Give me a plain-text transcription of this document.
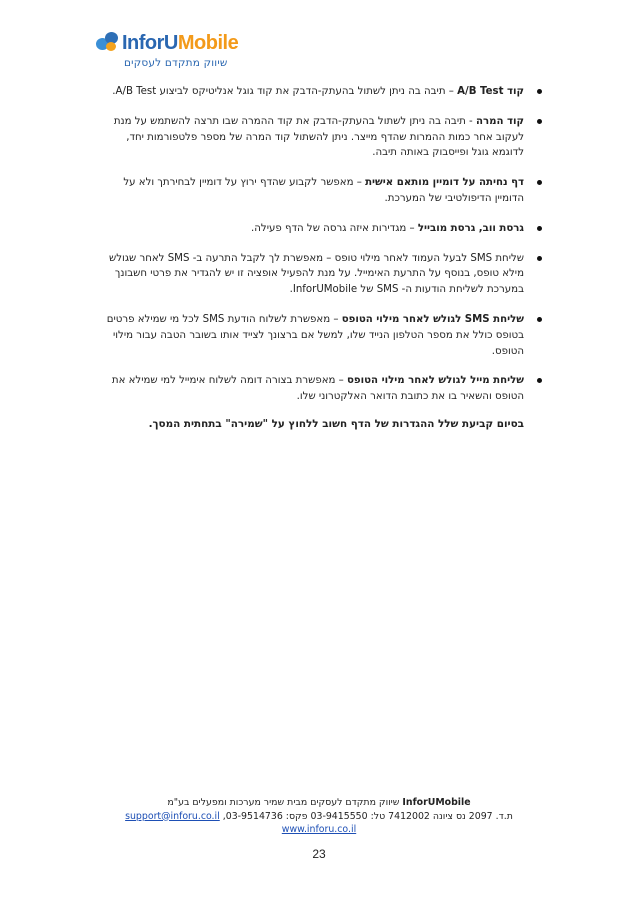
InforUMobile
שיווק מתקדם לעסקים
קוד A/B Test – תיבה בה ניתן לשתול בהעתק-הדבק את קוד גוגל אנליטיקס לביצוע A/B Test.
קוד המרה - תיבה בה ניתן לשתול בהעתק-הדבק את קוד ההמרה שבו תרצה להשתמש על מנת לעקוב אחר כמות ההמרות שהדף מייצר. ניתן להשתול קוד המרה של מספר פלטפורמות יחד, לדוגמא גוגל ופייסבוק באותה תיבה.
דף נחיתה על דומיין מותאם אישית – מאפשר לקבוע שהדף ירוץ על דומיין לבחירתך ולא על הדומיין הדיפולטיבי של המערכת.
גרסת ווב, גרסת מובייל – מגדירות איזה גרסה של הדף פעילה.
שליחת SMS לבעל העמוד לאחר מילוי טופס – מאפשרת לך לקבל התרעה ב- SMS לאחר שגולש מילא טופס, בנוסף על התרעת האימייל. על מנת להפעיל אופציה זו יש להגדיר את פרטי חשבונך במערכת לשליחת הודעות ה- SMS של InforUMobile.
שליחת SMS לגולש לאחר מילוי הטופס – מאפשרת לשלוח הודעת SMS לכל מי שמילא פרטים בטופס כולל את מספר הטלפון הנייד שלו, למשל אם ברצונך לצייד אותו בשובר הטבה עבור מילוי הטופס.
שליחת מייל לגולש לאחר מילוי הטופס – מאפשרת בצורה דומה לשלוח אימייל למי שמילא את הטופס והשאיר בו את כתובת הדואר האלקטרוני שלו.
בסיום קביעת שלל ההגדרות של הדף חשוב ללחוץ על "שמירה" בתחתית המסך.
InforUMobile שיווק מתקדם לעסקים מבית שמיר מערכות ומפעלים בע"מ
ת.ד. 2097 נס ציונה 7412002 טל: 03-9415550 פקס: 03-9514736, support@inforu.co.il
www.inforu.co.il
23
